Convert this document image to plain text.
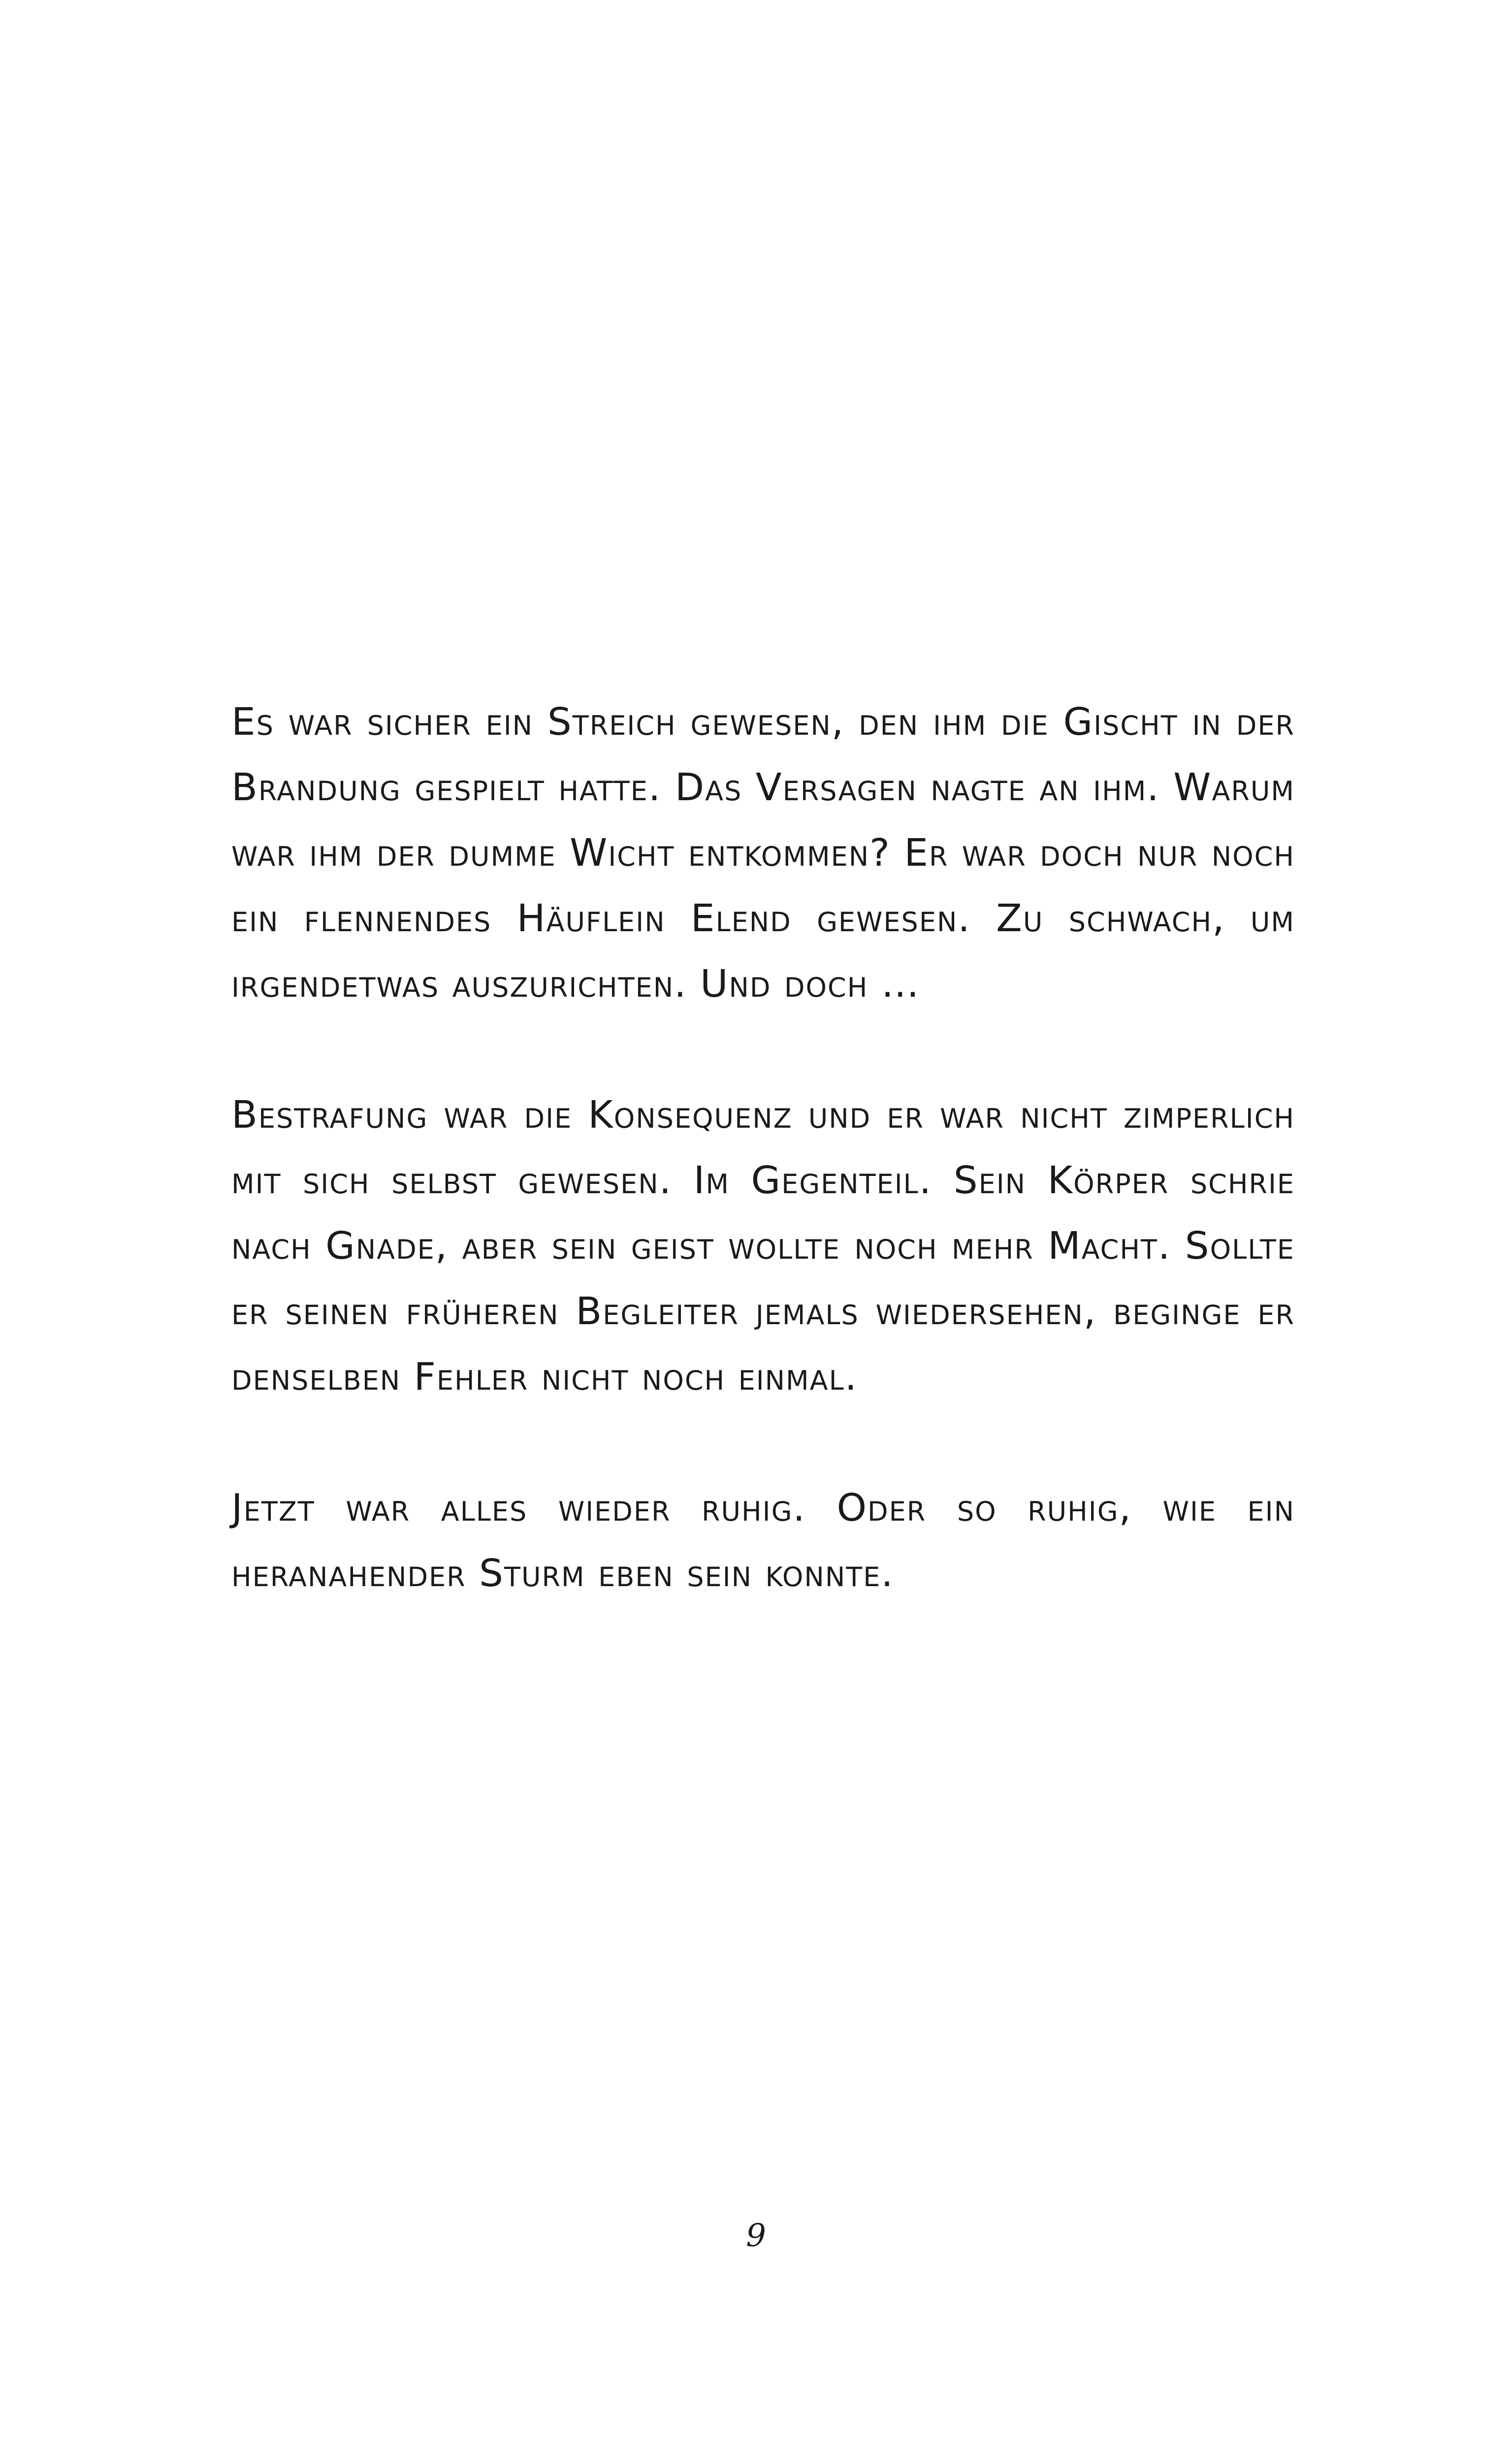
Es war sicher ein Streich gewesen, den ihm die Gischt in der Brandung gespielt hatte. Das Versagen nagte an ihm. Warum war ihm der dumme Wicht entkommen? Er war doch nur noch ein flennendes Häuflein Elend gewesen. Zu schwach, um irgendetwas auszurichten. Und doch …

Bestrafung war die Konsequenz und er war nicht zimperlich mit sich selbst gewesen. Im Gegenteil. Sein Körper schrie nach Gnade, aber sein geist wollte noch mehr Macht. Sollte er seinen früheren Begleiter jemals wiedersehen, beginge er denselben Fehler nicht noch einmal.

Jetzt war alles wieder ruhig. Oder so ruhig, wie ein heranahender Sturm eben sein konnte.

9
